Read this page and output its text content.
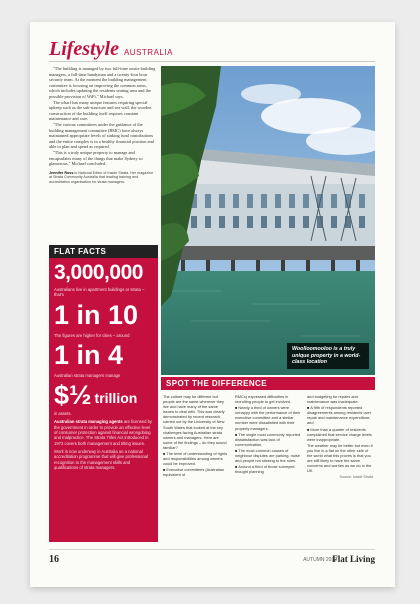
Lifestyle AUSTRALIA

"The building is managed by two full-time onsite building managers, a full-time handyman and a twenty-four hour security team. At the moment the building management committee is focusing on improving the common areas, which includes updating the residents seating area and the possible provision of WiFi," Michael says.

The wharf has many unique features requiring special upkeep such as the sub-structure and sea wall, the wooden construction of the building itself requires constant maintenance and care.

"The various committees under the guidance of the building management committee (BMC) have always maintained appropriate levels of sinking fund contributions and the entire complex is in a healthy financial position and able to plan and spend as required.

"This is a truly unique property to manage and encapsulates many of the things that make Sydney so glamorous," Michael concluded.

Jennifer Ross is National Editor of Inside Strata. Her magazine at Strata Community Australia that leading training and accreditation organisation for strata managers.
Woolloomooloo is a truly unique property in a world-class location
FLAT FACTS
3,000,000
Australians live in apartment buildings or strata – that's
1 in 10
The figures are higher for cities – around
1 in 4
Australian strata managers manage
$½ trillion
in assets.
Australian strata managing agents are licensed by the government in order to provide an effective level of consumer protection against financial wrongdoing and malpractice. The Strata Titles Act introduced in 1973 covers both management and titling issues.
Work is now underway in Australia on a national accreditation programme that will give professional recognition to the management skills and qualifications of strata managers.
SPOT THE DIFFERENCE

The culture may be different but people are the same wherever they live and have many of the same issues to deal with. This was clearly demonstrated by recent research carried out by the University of New South Wales that looked at the key challenges facing Australian strata owners and managers. Here are some of the findings – do they sound familiar?

■ The level of understanding of rights and responsibilities among owners could be improved.

■ Executive committees (Australian equivalent of

RMCs) expressed difficulties in recruiting people to get involved.

■ Nearly a third of owners were unhappy with the performance of their executive committee and a similar number were dissatisfied with their property managers.

■ The single most commonly reported dissatisfaction was lack of communication.

■ The most common causes of neighbour disputes are parking, noise and people not sticking to the rules.

■ Around a third of those surveyed thought planning

and budgeting for repairs and maintenance was inadequate.

■ A fifth of respondents reported disagreements among residents over repair and maintenance expenditure, and

■ More than a quarter of residents complained that service charge levels were inappropriate.

The weather may be better but even if you live in a flat on the other side of the world what this proves is that you are still likely to have the same concerns and worries as we do in the UK.

Source: Inside Strata
16	AUTUMN 2012
Flat Living
